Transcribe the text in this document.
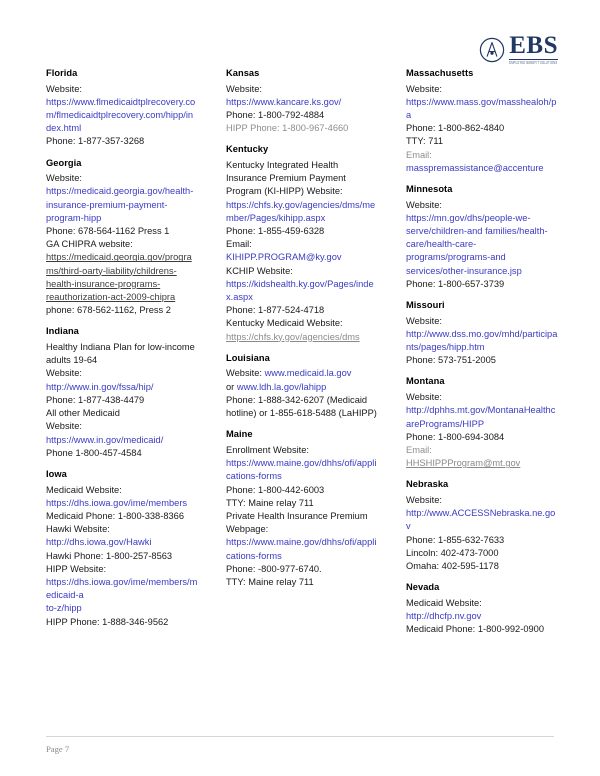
EBS
EMPLOYEE BENEFIT SOLUTIONS
Florida
Website:
https://www.flmedicaidtplrecovery.com/flmedicaidtplrecovery.com/hipp/index.html
Phone: 1-877-357-3268
Georgia
Website:
https://medicaid.georgia.gov/health-insurance-premium-payment-program-hipp
Phone: 678-564-1162 Press 1
GA CHIPRA website:
https://medicaid.georgia.gov/programs/third-oarty-liability/childrens-health-insurance-programs-reauthorization-act-2009-chipra
phone: 678-562-1162, Press 2
Indiana
Healthy Indiana Plan for low-income adults 19-64
Website:
http://www.in.gov/fssa/hip/
Phone: 1-877-438-4479
All other Medicaid
Website:
https://www.in.gov/medicaid/
Phone 1-800-457-4584
Iowa
Medicaid Website:
https://dhs.iowa.gov/ime/members
Medicaid Phone: 1-800-338-8366
Hawki Website:
http://dhs.iowa.gov/Hawki
Hawki Phone: 1-800-257-8563
HIPP Website:
https://dhs.iowa.gov/ime/members/medicaid-a
to-z/hipp
HIPP Phone: 1-888-346-9562
Kansas
Website:
https://www.kancare.ks.gov/
Phone: 1-800-792-4884
HIPP Phone: 1-800-967-4660
Kentucky
Kentucky Integrated Health Insurance Premium Payment Program (KI-HIPP) Website:
https://chfs.ky.gov/agencies/dms/member/Pages/kihipp.aspx
Phone: 1-855-459-6328
Email:
KIHIPP.PROGRAM@ky.gov
KCHIP Website:
https://kidshealth.ky.gov/Pages/index.aspx
Phone: 1-877-524-4718
Kentucky Medicaid Website:
https://chfs.ky.gov/agencies/dms
Louisiana
Website: www.medicaid.la.gov
or www.ldh.la.gov/lahipp
Phone: 1-888-342-6207 (Medicaid hotline) or 1-855-618-5488 (LaHIPP)
Maine
Enrollment Website:
https://www.maine.gov/dhhs/ofi/applications-forms
Phone: 1-800-442-6003
TTY: Maine relay 711
Private Health Insurance Premium Webpage:
https://www.maine.gov/dhhs/ofi/applications-forms
Phone: -800-977-6740.
TTY: Maine relay 711
Massachusetts
Website:
https://www.mass.gov/masshealoh/pa
Phone: 1-800-862-4840
TTY: 711
Email:
masspremassistance@accenture
Minnesota
Website:
https://mn.gov/dhs/people-we-serve/children-and families/health-care/health-care-programs/programs-and services/other-insurance.jsp
Phone: 1-800-657-3739
Missouri
Website:
http://www.dss.mo.gov/mhd/participants/pages/hipp.htm
Phone: 573-751-2005
Montana
Website:
http://dphhs.mt.gov/MontanaHealthcarePrograms/HIPP
Phone: 1-800-694-3084
Email:
HHSHIPPProgram@mt.gov
Nebraska
Website:
http://www.ACCESSNebraska.ne.gov
Phone: 1-855-632-7633
Lincoln: 402-473-7000
Omaha: 402-595-1178
Nevada
Medicaid Website:
http://dhcfp.nv.gov
Medicaid Phone: 1-800-992-0900
Page 7
